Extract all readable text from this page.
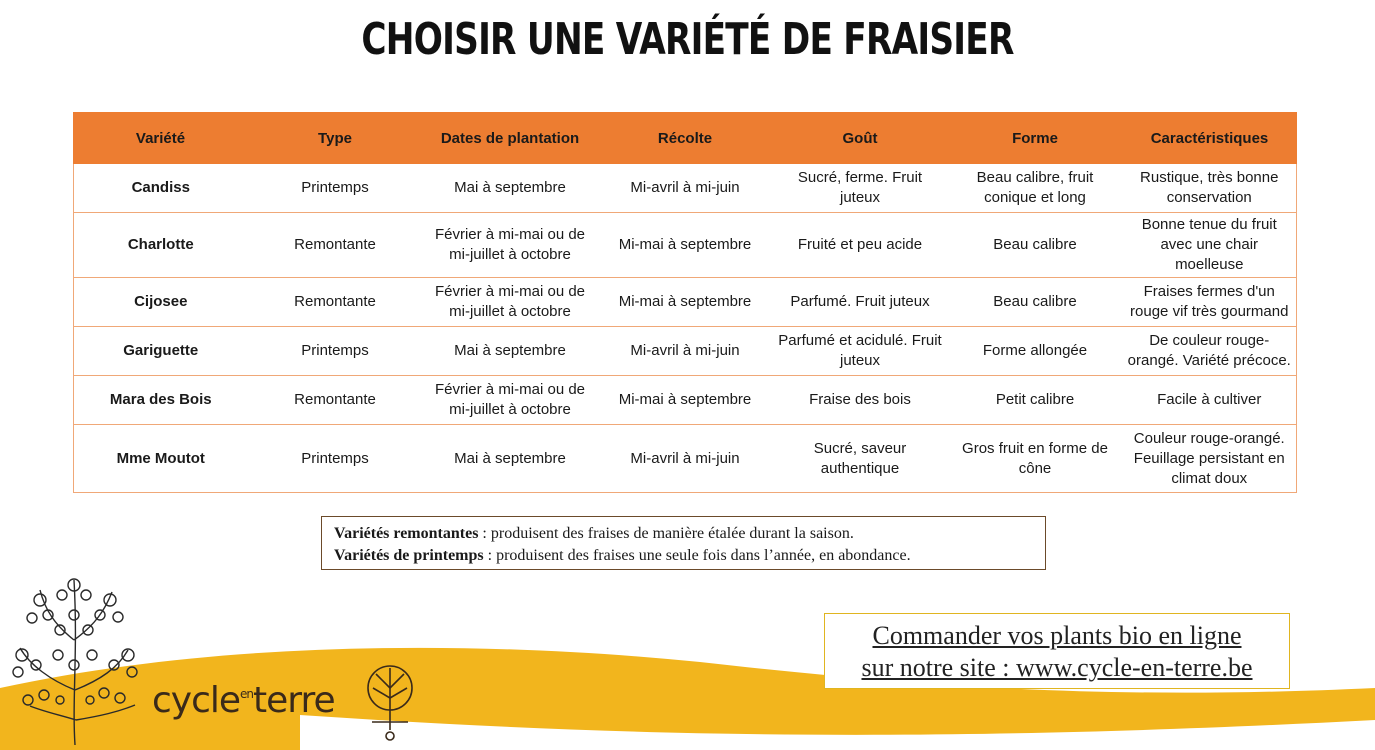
CHOISIR UNE VARIÉTÉ DE FRAISIER
Variété	Type	Dates de plantation	Récolte	Goût	Forme	Caractéristiques
Candiss	Printemps	Mai à septembre	Mi-avril à mi-juin	Sucré, ferme. Fruit juteux	Beau calibre, fruit conique et long	Rustique, très bonne conservation
Charlotte	Remontante	Février à mi-mai ou de mi-juillet à octobre	Mi-mai à septembre	Fruité et peu acide	Beau calibre	Bonne tenue du fruit avec une chair moelleuse
Cijosee	Remontante	Février à mi-mai ou de mi-juillet à octobre	Mi-mai à septembre	Parfumé. Fruit juteux	Beau calibre	Fraises fermes d'un rouge vif très gourmand
Gariguette	Printemps	Mai à septembre	Mi-avril à mi-juin	Parfumé et acidulé. Fruit juteux	Forme allongée	De couleur rouge-orangé. Variété précoce.
Mara des Bois	Remontante	Février à mi-mai ou de mi-juillet à octobre	Mi-mai à septembre	Fraise des bois	Petit calibre	Facile à cultiver
Mme Moutot	Printemps	Mai à septembre	Mi-avril à mi-juin	Sucré, saveur authentique	Gros fruit en forme de cône	Couleur rouge-orangé. Feuillage persistant en climat doux
Variétés remontantes : produisent des fraises de manière étalée durant la saison.
Variétés de printemps : produisent des fraises une seule fois dans l’année, en abondance.
cycle$^{en}$terre
Commander vos plants bio en ligne
sur notre site : www.cycle-en-terre.be
